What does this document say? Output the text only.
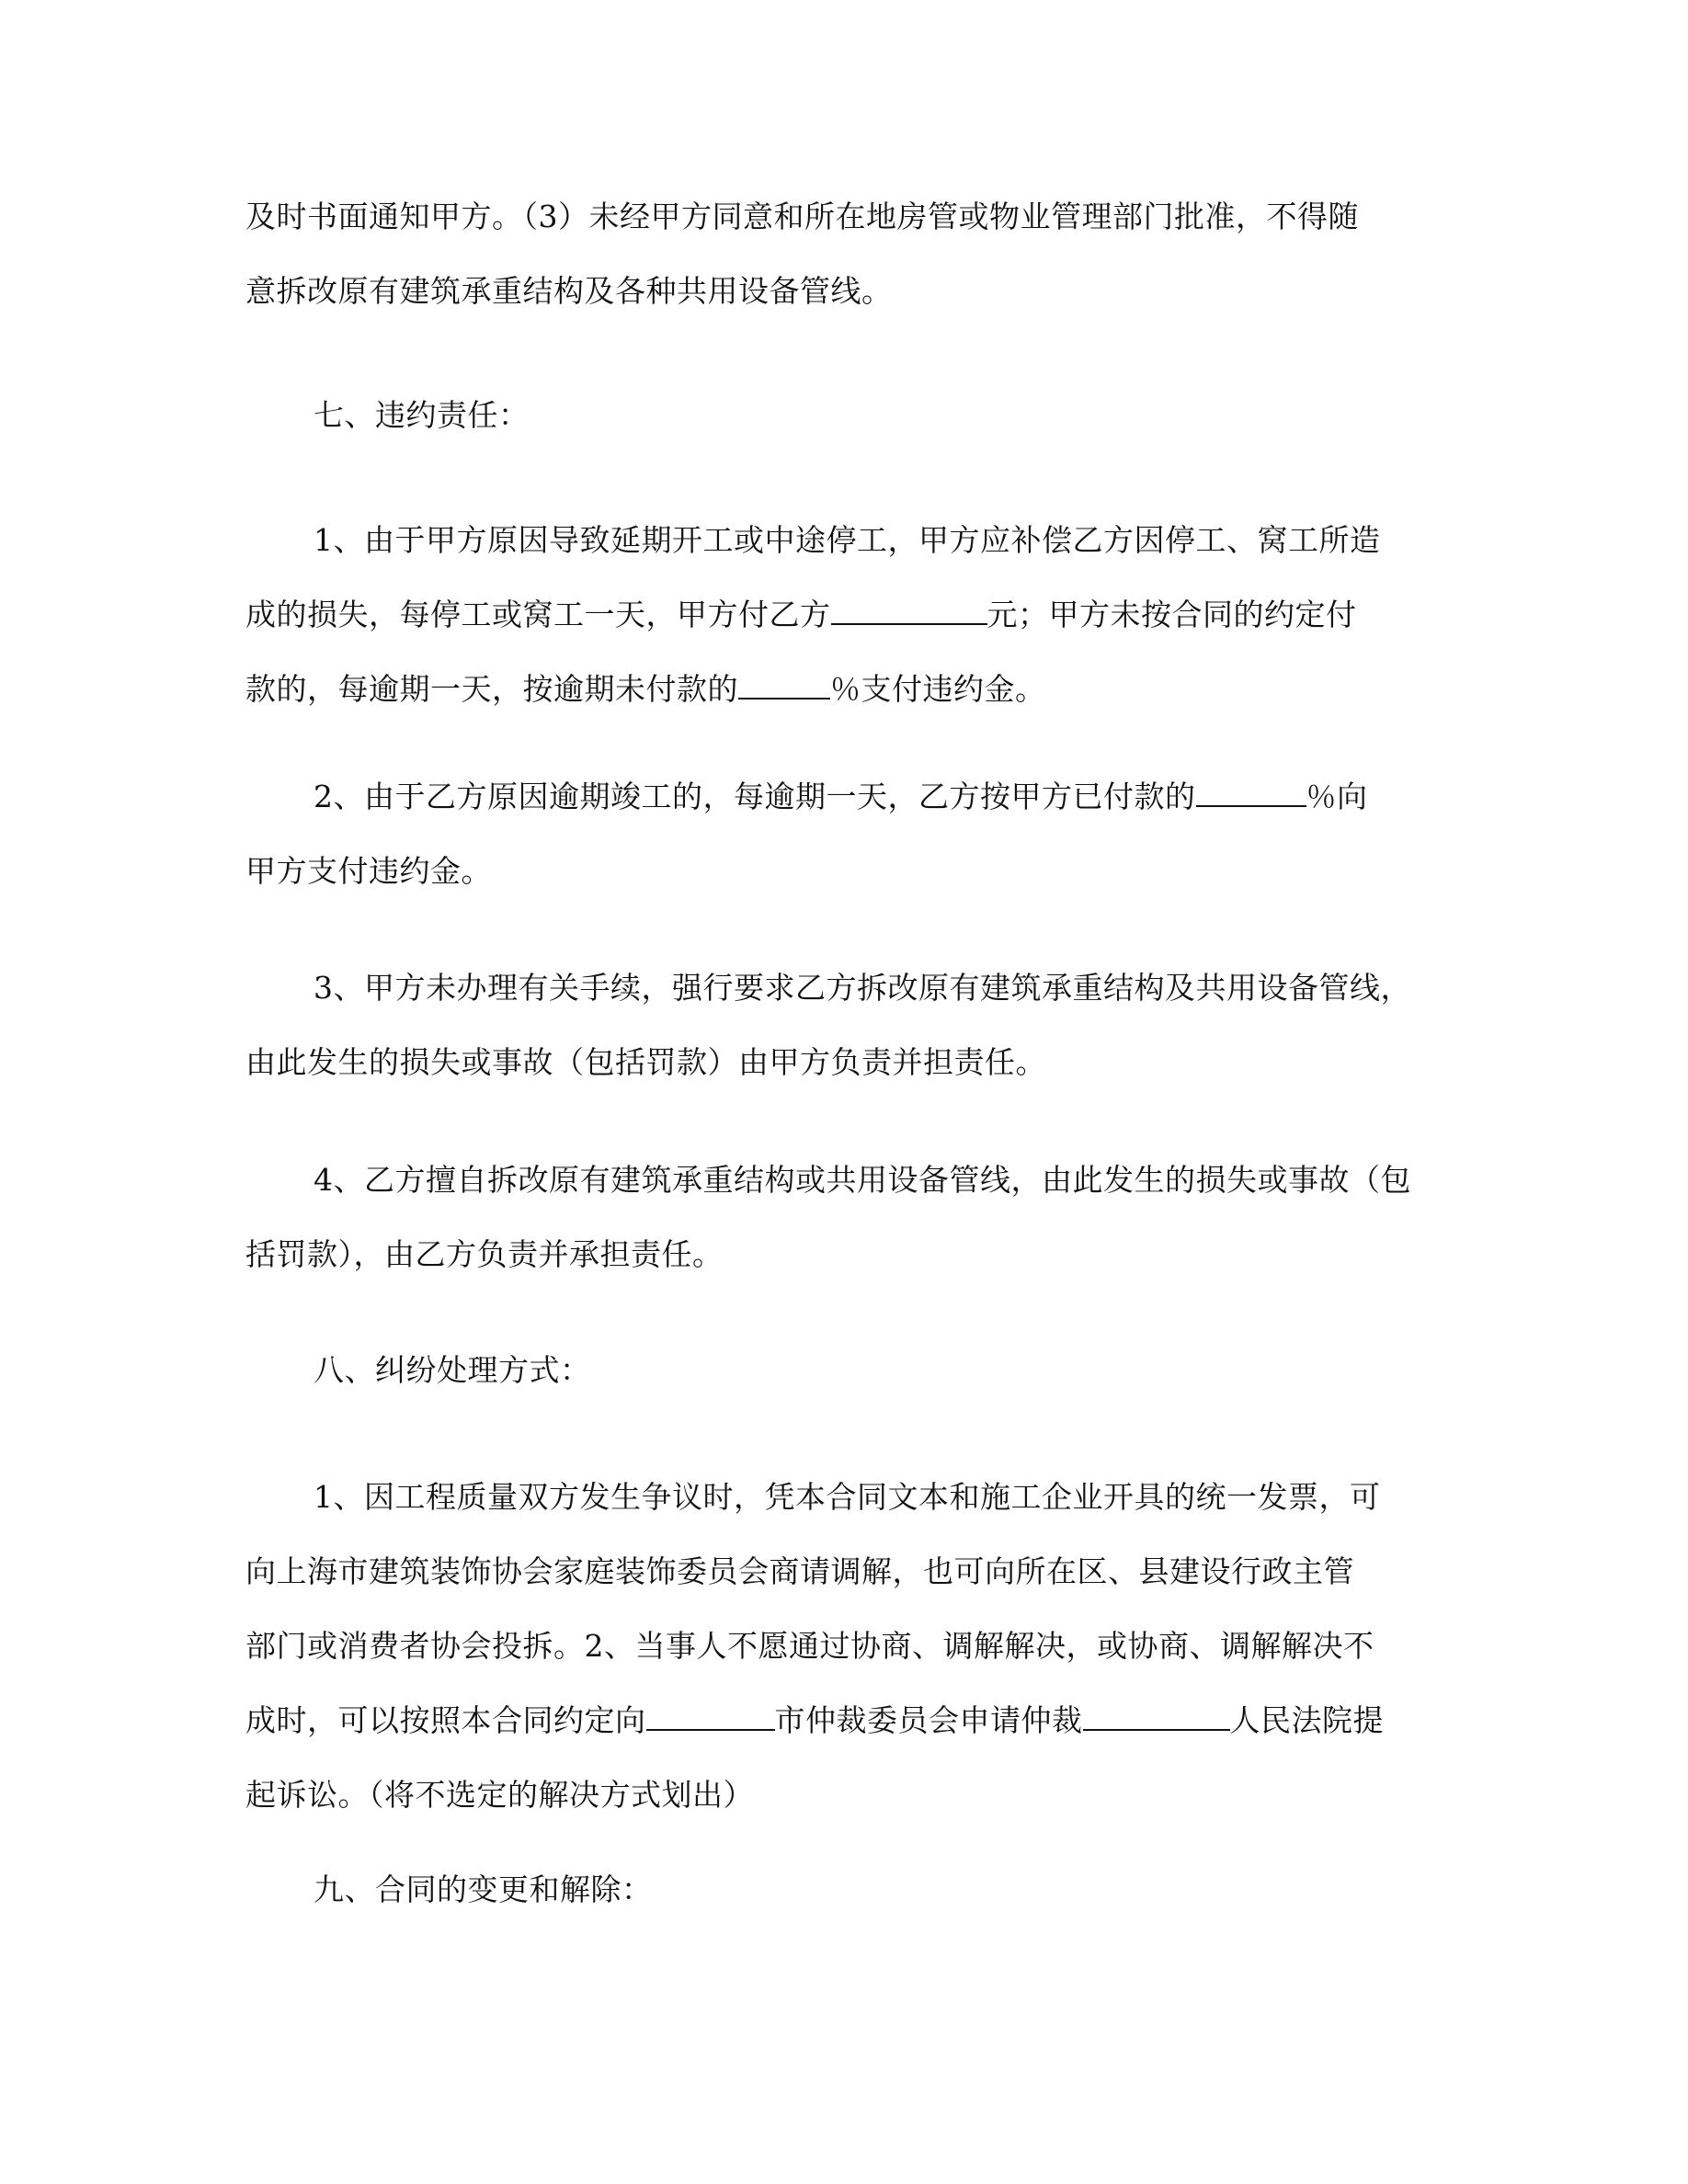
及时书面通知甲方。（3）未经甲方同意和所在地房管或物业管理部门批准，不得随
意拆改原有建筑承重结构及各种共用设备管线。
七、违约责任：
1、由于甲方原因导致延期开工或中途停工，甲方应补偿乙方因停工、窝工所造
成的损失，每停工或窝工一天，甲方付乙方	元；甲方未按合同的约定付
款的，每逾期一天，按逾期未付款的	％支付违约金。
2、由于乙方原因逾期竣工的，每逾期一天，乙方按甲方已付款的	％向
甲方支付违约金。
3、甲方未办理有关手续，强行要求乙方拆改原有建筑承重结构及共用设备管线，
由此发生的损失或事故（包括罚款）由甲方负责并担责任。
4、乙方擅自拆改原有建筑承重结构或共用设备管线，由此发生的损失或事故（包
括罚款），由乙方负责并承担责任。
八、纠纷处理方式：
1、因工程质量双方发生争议时，凭本合同文本和施工企业开具的统一发票，可
向上海市建筑装饰协会家庭装饰委员会商请调解，也可向所在区、县建设行政主管
部门或消费者协会投拆。2、当事人不愿通过协商、调解解决，或协商、调解解决不
成时，可以按照本合同约定向	市仲裁委员会申请仲裁	人民法院提
起诉讼。（将不选定的解决方式划出）
九、合同的变更和解除：
